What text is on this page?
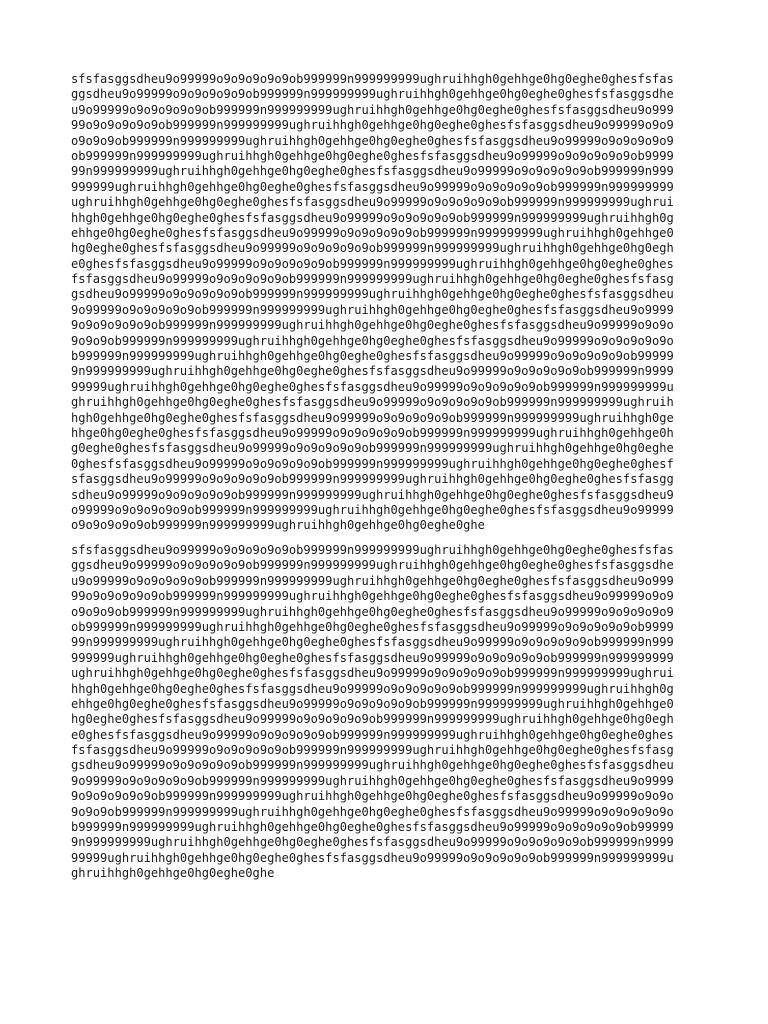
sfsfasggsdheu9o99999o9o9o9o9o9ob999999n999999999ughruihhgh0gehhge0hg0eghe0ghesfsfas
ggsdheu9o99999o9o9o9o9o9ob999999n999999999ughruihhgh0gehhge0hg0eghe0ghesfsfasggsdhe
u9o99999o9o9o9o9o9ob999999n999999999ughruihhgh0gehhge0hg0eghe0ghesfsfasggsdheu9o999
99o9o9o9o9o9ob999999n999999999ughruihhgh0gehhge0hg0eghe0ghesfsfasggsdheu9o99999o9o9
o9o9o9ob999999n999999999ughruihhgh0gehhge0hg0eghe0ghesfsfasggsdheu9o99999o9o9o9o9o9
ob999999n999999999ughruihhgh0gehhge0hg0eghe0ghesfsfasggsdheu9o99999o9o9o9o9o9ob9999
99n999999999ughruihhgh0gehhge0hg0eghe0ghesfsfasggsdheu9o99999o9o9o9o9o9ob999999n999
999999ughruihhgh0gehhge0hg0eghe0ghesfsfasggsdheu9o99999o9o9o9o9o9ob999999n999999999
ughruihhgh0gehhge0hg0eghe0ghesfsfasggsdheu9o99999o9o9o9o9o9ob999999n999999999ughrui
hhgh0gehhge0hg0eghe0ghesfsfasggsdheu9o99999o9o9o9o9o9ob999999n999999999ughruihhgh0g
ehhge0hg0eghe0ghesfsfasggsdheu9o99999o9o9o9o9o9ob999999n999999999ughruihhgh0gehhge0
hg0eghe0ghesfsfasggsdheu9o99999o9o9o9o9o9ob999999n999999999ughruihhgh0gehhge0hg0egh
e0ghesfsfasggsdheu9o99999o9o9o9o9o9ob999999n999999999ughruihhgh0gehhge0hg0eghe0ghes
fsfasggsdheu9o99999o9o9o9o9o9ob999999n999999999ughruihhgh0gehhge0hg0eghe0ghesfsfasg
gsdheu9o99999o9o9o9o9o9ob999999n999999999ughruihhgh0gehhge0hg0eghe0ghesfsfasggsdheu
9o99999o9o9o9o9o9ob999999n999999999ughruihhgh0gehhge0hg0eghe0ghesfsfasggsdheu9o9999
9o9o9o9o9o9ob999999n999999999ughruihhgh0gehhge0hg0eghe0ghesfsfasggsdheu9o99999o9o9o
9o9o9ob999999n999999999ughruihhgh0gehhge0hg0eghe0ghesfsfasggsdheu9o99999o9o9o9o9o9o
b999999n999999999ughruihhgh0gehhge0hg0eghe0ghesfsfasggsdheu9o99999o9o9o9o9o9ob99999
9n999999999ughruihhgh0gehhge0hg0eghe0ghesfsfasggsdheu9o99999o9o9o9o9o9ob999999n9999
99999ughruihhgh0gehhge0hg0eghe0ghesfsfasggsdheu9o99999o9o9o9o9o9ob999999n999999999u
ghruihhgh0gehhge0hg0eghe0ghesfsfasggsdheu9o99999o9o9o9o9o9ob999999n999999999ughruih
hgh0gehhge0hg0eghe0ghesfsfasggsdheu9o99999o9o9o9o9o9ob999999n999999999ughruihhgh0ge
hhge0hg0eghe0ghesfsfasggsdheu9o99999o9o9o9o9o9ob999999n999999999ughruihhgh0gehhge0h
g0eghe0ghesfsfasggsdheu9o99999o9o9o9o9o9ob999999n999999999ughruihhgh0gehhge0hg0eghe
0ghesfsfasggsdheu9o99999o9o9o9o9o9ob999999n999999999ughruihhgh0gehhge0hg0eghe0ghesf
sfasggsdheu9o99999o9o9o9o9o9ob999999n999999999ughruihhgh0gehhge0hg0eghe0ghesfsfasgg
sdheu9o99999o9o9o9o9o9ob999999n999999999ughruihhgh0gehhge0hg0eghe0ghesfsfasggsdheu9
o99999o9o9o9o9o9ob999999n999999999ughruihhgh0gehhge0hg0eghe0ghesfsfasggsdheu9o99999
o9o9o9o9o9ob999999n999999999ughruihhgh0gehhge0hg0eghe0ghe
sfsfasggsdheu9o99999o9o9o9o9o9ob999999n999999999ughruihhgh0gehhge0hg0eghe0ghesfsfas
ggsdheu9o99999o9o9o9o9o9ob999999n999999999ughruihhgh0gehhge0hg0eghe0ghesfsfasggsdhe
u9o99999o9o9o9o9o9ob999999n999999999ughruihhgh0gehhge0hg0eghe0ghesfsfasggsdheu9o999
99o9o9o9o9o9ob999999n999999999ughruihhgh0gehhge0hg0eghe0ghesfsfasggsdheu9o99999o9o9
o9o9o9ob999999n999999999ughruihhgh0gehhge0hg0eghe0ghesfsfasggsdheu9o99999o9o9o9o9o9
ob999999n999999999ughruihhgh0gehhge0hg0eghe0ghesfsfasggsdheu9o99999o9o9o9o9o9ob9999
99n999999999ughruihhgh0gehhge0hg0eghe0ghesfsfasggsdheu9o99999o9o9o9o9o9ob999999n999
999999ughruihhgh0gehhge0hg0eghe0ghesfsfasggsdheu9o99999o9o9o9o9o9ob999999n999999999
ughruihhgh0gehhge0hg0eghe0ghesfsfasggsdheu9o99999o9o9o9o9o9ob999999n999999999ughrui
hhgh0gehhge0hg0eghe0ghesfsfasggsdheu9o99999o9o9o9o9o9ob999999n999999999ughruihhgh0g
ehhge0hg0eghe0ghesfsfasggsdheu9o99999o9o9o9o9o9ob999999n999999999ughruihhgh0gehhge0
hg0eghe0ghesfsfasggsdheu9o99999o9o9o9o9o9ob999999n999999999ughruihhgh0gehhge0hg0egh
e0ghesfsfasggsdheu9o99999o9o9o9o9o9ob999999n999999999ughruihhgh0gehhge0hg0eghe0ghes
fsfasggsdheu9o99999o9o9o9o9o9ob999999n999999999ughruihhgh0gehhge0hg0eghe0ghesfsfasg
gsdheu9o99999o9o9o9o9o9ob999999n999999999ughruihhgh0gehhge0hg0eghe0ghesfsfasggsdheu
9o99999o9o9o9o9o9ob999999n999999999ughruihhgh0gehhge0hg0eghe0ghesfsfasggsdheu9o9999
9o9o9o9o9o9ob999999n999999999ughruihhgh0gehhge0hg0eghe0ghesfsfasggsdheu9o99999o9o9o
9o9o9ob999999n999999999ughruihhgh0gehhge0hg0eghe0ghesfsfasggsdheu9o99999o9o9o9o9o9o
b999999n999999999ughruihhgh0gehhge0hg0eghe0ghesfsfasggsdheu9o99999o9o9o9o9o9ob99999
9n999999999ughruihhgh0gehhge0hg0eghe0ghesfsfasggsdheu9o99999o9o9o9o9o9ob999999n9999
99999ughruihhgh0gehhge0hg0eghe0ghesfsfasggsdheu9o99999o9o9o9o9o9ob999999n999999999u
ghruihhgh0gehhge0hg0eghe0ghe
